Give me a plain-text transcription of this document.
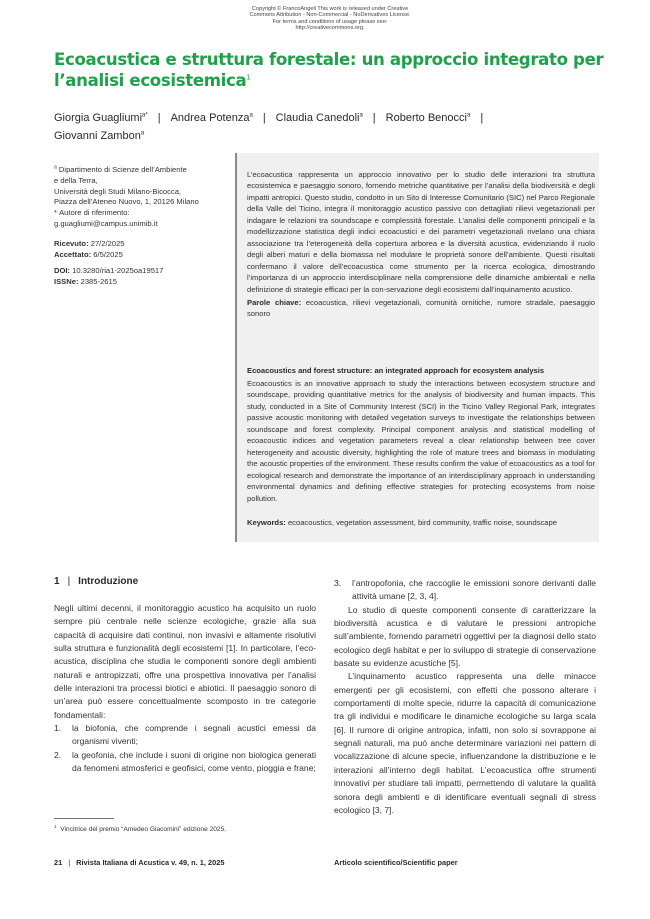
Copyright © FrancoAngeli This work is released under Creative
Commons Attribution - Non-Commercial - NoDerivatives License.
For terms and conditions of usage please see:
http://creativecommons.org.
Ecoacustica e struttura forestale: un approccio integrato per l’analisi ecosistemica$^1$
Giorgia Guagliumi$^{a*}$ | Andrea Potenza$^a$ | Claudia Canedoli$^a$ | Roberto Benocci$^a$ |
Giovanni Zambon$^a$
$^a$ Dipartimento di Scienze dell’Ambiente
e della Terra,
Università degli Studi Milano-Bicocca,
Piazza dell’Ateneo Nuovo, 1, 20126 Milano
* Autore di riferimento:
g.guagliumi@campus.unimib.it
Ricevuto: 27/2/2025
Accettato: 6/5/2025
DOI: 10.3280/ria1-2025oa19517
ISSNe: 2385-2615

L’ecoacustica rappresenta un approccio innovativo per lo studio delle interazioni tra struttura ecosistemica e paesaggio sonoro, fornendo metriche quantitative per l’analisi della biodiversità e degli impatti antropici. Questo studio, condotto in un Sito di Interesse Comunitario (SIC) nel Parco Regionale della Valle del Ticino, integra il monitoraggio acustico passivo con dettagliati rilievi vegetazionali per indagare le relazioni tra soundscape e complessità forestale. L’analisi delle componenti principali e la modellizzazione statistica degli indici ecoacustici e dei parametri vegetazionali rivelano una chiara associazione tra l’eterogeneità della copertura arborea e la diversità acustica, evidenziando il ruolo degli alberi maturi e della biomassa nel modulare le proprietà sonore dell’ambiente. Questi risultati confermano il valore dell’ecoacustica come strumento per la ricerca ecologica, dimostrando l’importanza di un approccio interdisciplinare nella comprensione delle dinamiche ambientali e nella definizione di strategie efficaci per la con-servazione degli ecosistemi dall’inquinamento acustico.

Parole chiave: ecoacustica, rilievi vegetazionali, comunità ornitiche, rumore stradale, paesaggio sonoro

Ecoacoustics and forest structure: an integrated approach for ecosystem analysis

Ecoacoustics is an innovative approach to study the interactions between ecosystem structure and soundscape, providing quantitative metrics for the analysis of biodiversity and human impacts. This study, conducted in a Site of Community Interest (SCI) in the Ticino Valley Regional Park, integrates passive acoustic monitoring with detailed vegetation surveys to investigate the relationships between soundscape and forest complexity. Principal component analysis and statistical modelling of ecoacoustic indices and vegetation parameters reveal a clear relationship between tree cover heterogeneity and acoustic diversity, highlighting the role of mature trees and biomass in modulating the acoustic properties of the environment. These results confirm the value of ecoacoustics as a tool for ecological research and demonstrate the importance of an interdisciplinary approach in understanding environmental dynamics and defining effective strategies for protecting ecosystems from noise pollution.

Keywords: ecoacoustics, vegetation assessment, bird community, traffic noise, soundscape

1 | Introduzione

Negli ultimi decenni, il monitoraggio acustico ha acquisito un ruolo sempre più centrale nelle scienze ecologiche, grazie alla sua capacità di acquisire dati continui, non invasivi e altamente risolutivi sulla struttura e funzionalità degli ecosistemi [1]. In particolare, l’eco-acustica, disciplina che studia le componenti sonore degli ambienti naturali e antropizzati, offre una prospettiva innovativa per l’analisi delle interazioni tra processi biotici e abiotici. Il paesaggio sonoro di un’area può essere concettualmente scomposto in tre categorie fondamentali:

1. la biofonia, che comprende i segnali acustici emessi da organismi viventi;
2. la geofonia, che include i suoni di origine non biologica generati da fenomeni atmosferici e geofisici, come vento, pioggia e frane;
3. l’antropofonia, che raccoglie le emissioni sonore derivanti dalle attività umane [2, 3, 4].

Lo studio di queste componenti consente di caratterizzare la biodiversità acustica e di valutare le pressioni antropiche sull’ambiente, fornendo parametri oggettivi per la diagnosi dello stato ecologico degli habitat e per lo sviluppo di strategie di conservazione basate su evidenze acustiche [5].

L’inquinamento acustico rappresenta una delle minacce emergenti per gli ecosistemi, con effetti che possono alterare i comportamenti di molte specie, ridurre la capacità di comunicazione tra gli individui e modificare le dinamiche ecologiche su larga scala [6]. Il rumore di origine antropica, infatti, non solo si sovrappone ai segnali naturali, ma può anche determinare variazioni nei pattern di vocalizzazione di alcune specie, influenzandone la distribuzione e le interazioni all’interno degli habitat. L’ecoacustica offre strumenti innovativi per studiare tali impatti, permettendo di valutare la qualità sonora degli ambienti e di identificare eventuali segnali di stress ecologico [3, 7].

$^1$ Vincitrice del premio “Amedeo Giacomini” edizione 2025.
21 | Rivista Italiana di Acustica v. 49, n. 1, 2025	Articolo scientifico/Scientific paper
